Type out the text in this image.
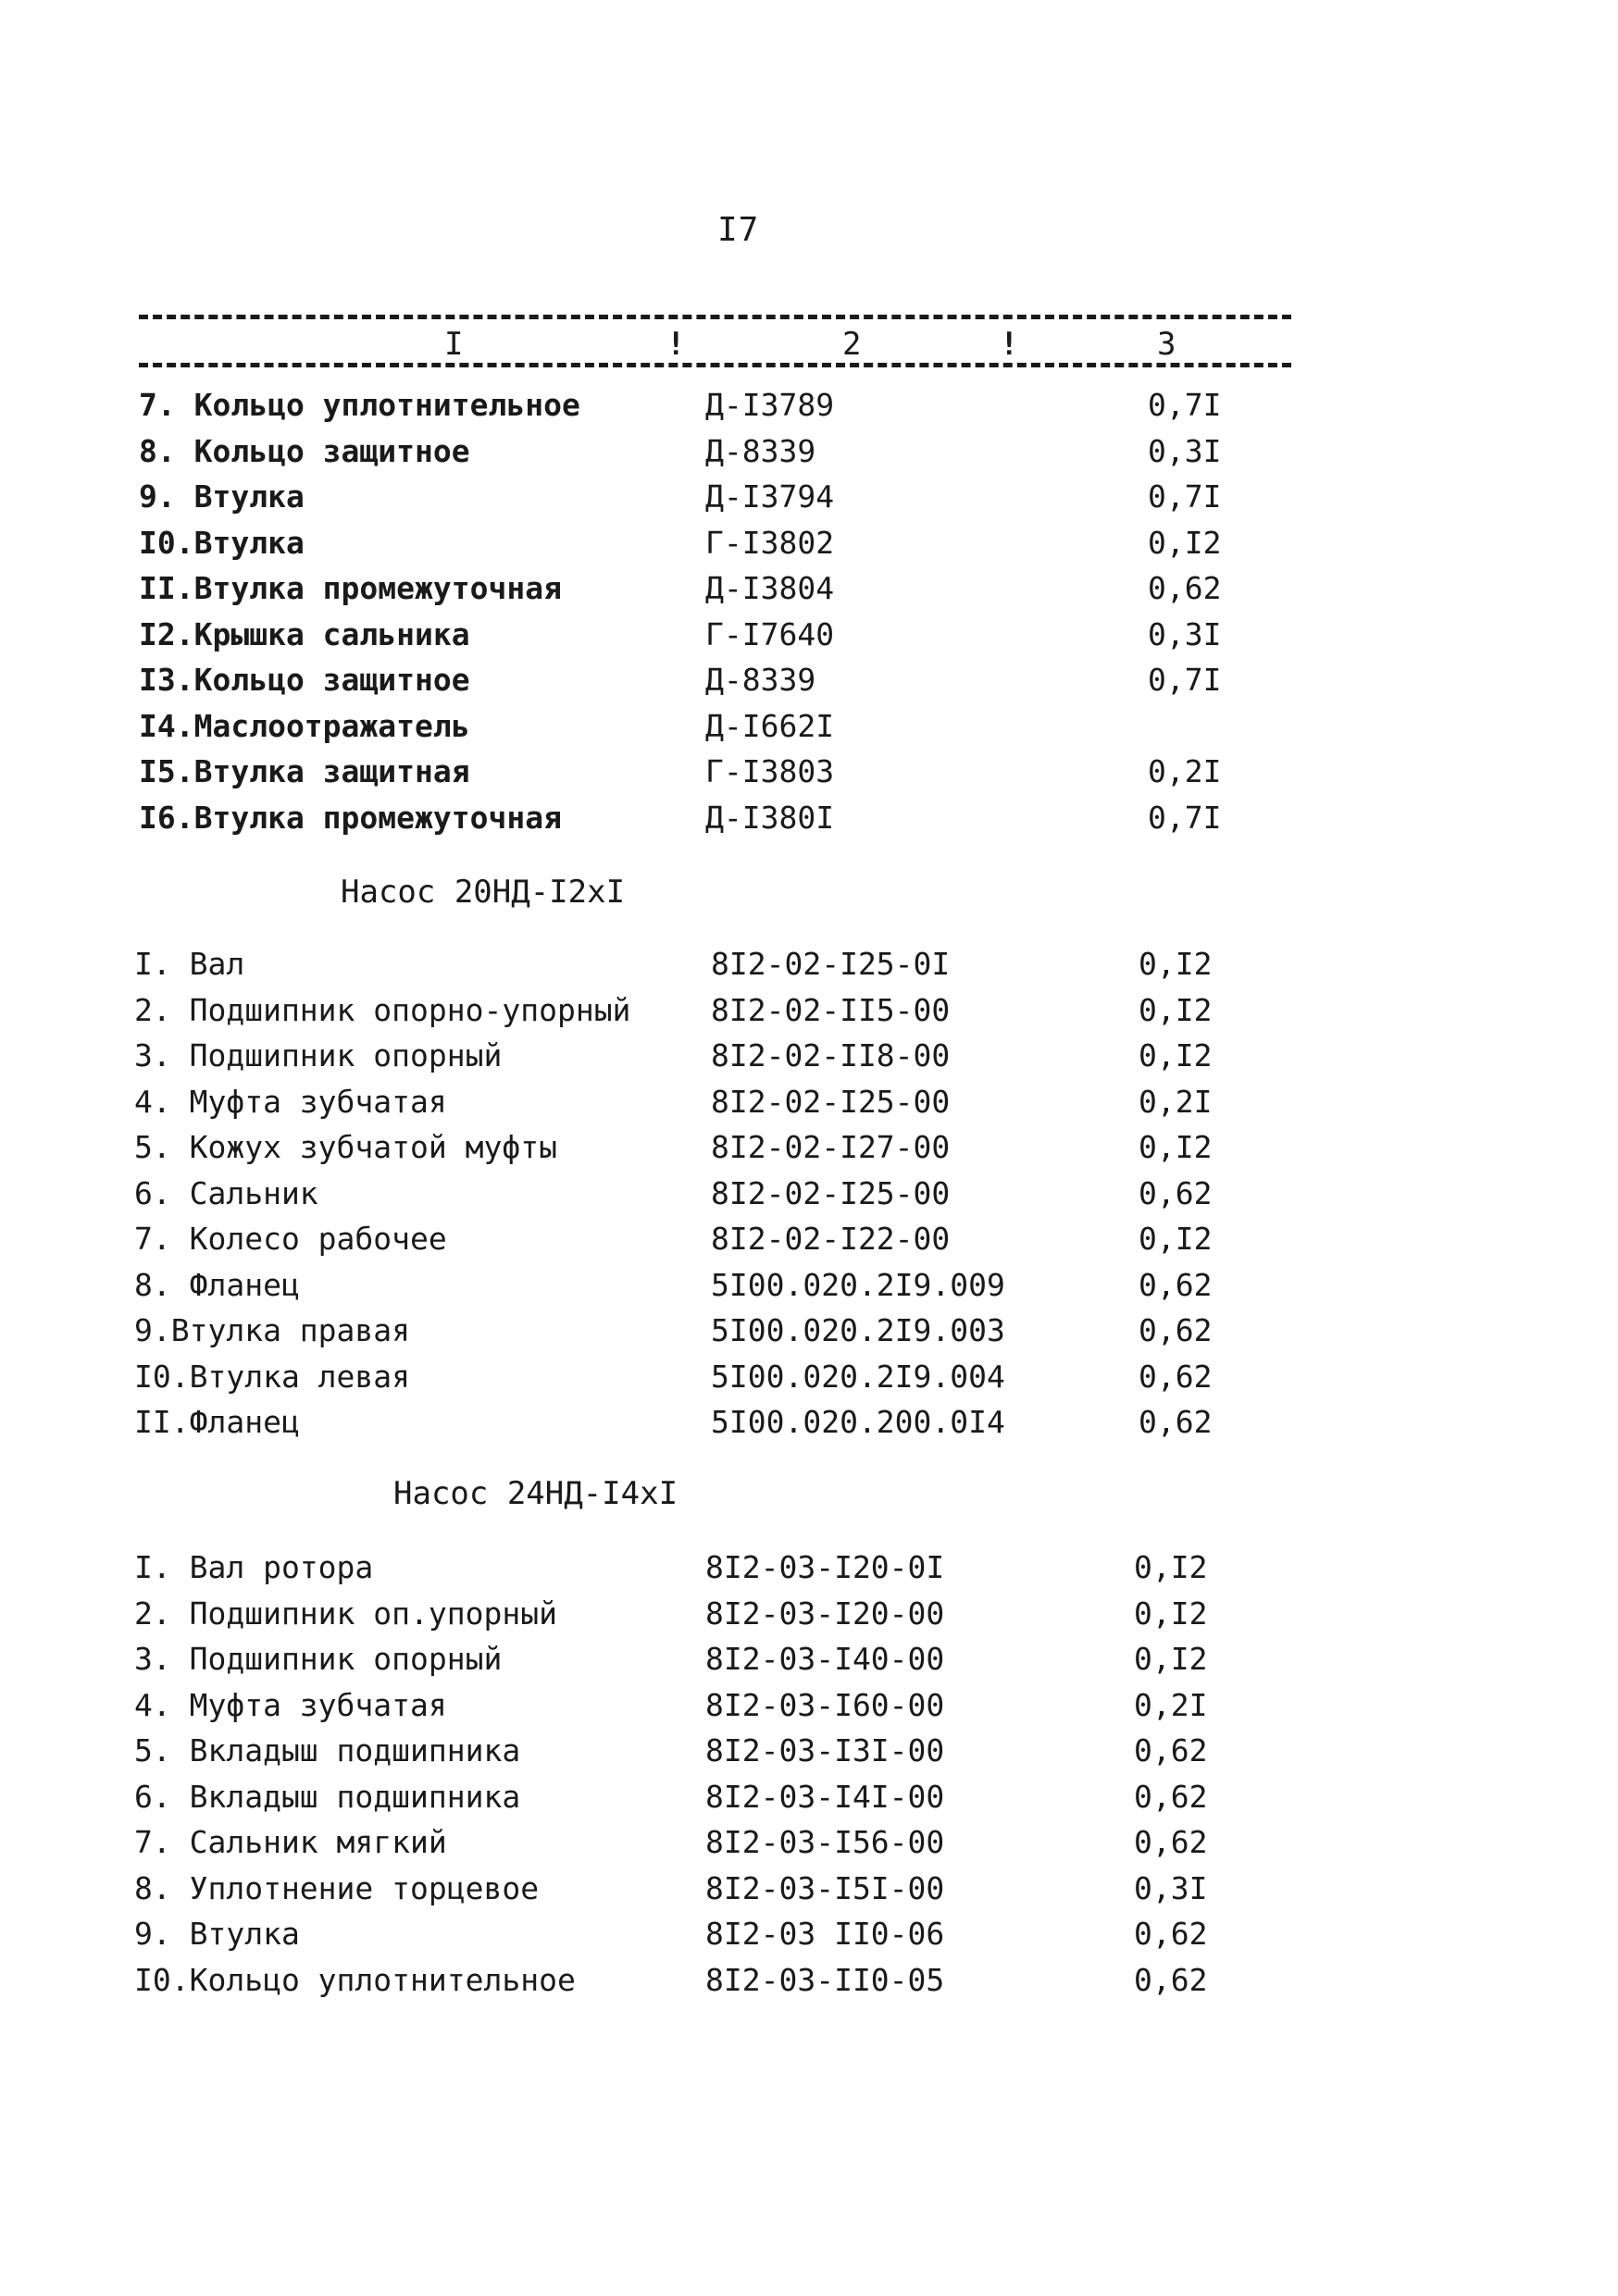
I7
I	!	2	!	3
7. Кольцо уплотнительное	Д-I3789	0,7I
8. Кольцо защитное	Д-8339	0,3I
9. Втулка	Д-I3794	0,7I
I0.Втулка	Г-I3802	0,I2
II.Втулка промежуточная	Д-I3804	0,62
I2.Крышка сальника	Г-I7640	0,3I
I3.Кольцо защитное	Д-8339	0,7I
I4.Маслоотражатель	Д-I662I
I5.Втулка защитная	Г-I3803	0,2I
I6.Втулка промежуточная	Д-I380I	0,7I
Насос 20НД-I2хI
I. Вал	8I2-02-I25-0I	0,I2
2. Подшипник опорно-упорный	8I2-02-II5-00	0,I2
3. Подшипник опорный	8I2-02-II8-00	0,I2
4. Муфта зубчатая	8I2-02-I25-00	0,2I
5. Кожух зубчатой муфты	8I2-02-I27-00	0,I2
6. Сальник	8I2-02-I25-00	0,62
7. Колесо рабочее	8I2-02-I22-00	0,I2
8. Фланец	5I00.020.2I9.009	0,62
9.Втулка правая	5I00.020.2I9.003	0,62
I0.Втулка левая	5I00.020.2I9.004	0,62
II.Фланец	5I00.020.200.0I4	0,62
Насос 24НД-I4хI
I. Вал ротора	8I2-03-I20-0I	0,I2
2. Подшипник оп.упорный	8I2-03-I20-00	0,I2
3. Подшипник опорный	8I2-03-I40-00	0,I2
4. Муфта зубчатая	8I2-03-I60-00	0,2I
5. Вкладыш подшипника	8I2-03-I3I-00	0,62
6. Вкладыш подшипника	8I2-03-I4I-00	0,62
7. Сальник мягкий	8I2-03-I56-00	0,62
8. Уплотнение торцевое	8I2-03-I5I-00	0,3I
9. Втулка	8I2-03 II0-06	0,62
I0.Кольцо уплотнительное	8I2-03-II0-05	0,62
